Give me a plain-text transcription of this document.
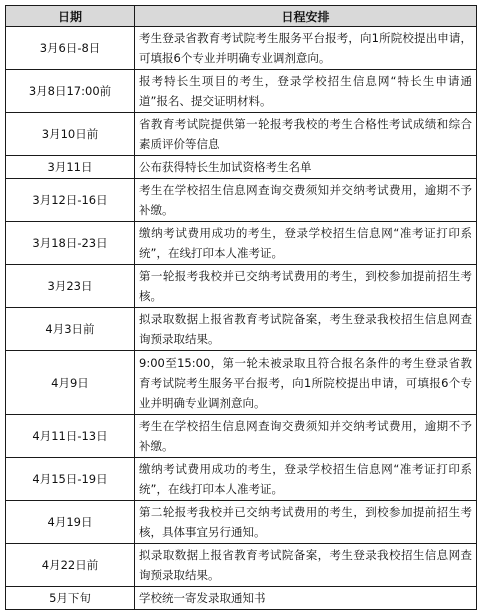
日期	日程安排
3月6日-8日	考生登录省教育考试院考生服务平台报考，向1所院校提出申请，可填报6个专业并明确专业调剂意向。
3月8日17:00前	报考特长生项目的考生，登录学校招生信息网“特长生申请通道”报名、提交证明材料。
3月10日前	省教育考试院提供第一轮报考我校的考生合格性考试成绩和综合素质评价等信息
3月11日	公布获得特长生加试资格考生名单
3月12日-16日	考生在学校招生信息网查询交费须知并交纳考试费用，逾期不予补缴。
3月18日-23日	缴纳考试费用成功的考生，登录学校招生信息网“准考证打印系统”，在线打印本人准考证。
3月23日	第一轮报考我校并已交纳考试费用的考生，到校参加提前招生考核。
4月3日前	拟录取数据上报省教育考试院备案，考生登录我校招生信息网查询预录取结果。
4月9日	9:00至15:00，第一轮未被录取且符合报名条件的考生登录省教育考试院考生服务平台报考，向1所院校提出申请，可填报6个专业并明确专业调剂意向。
4月11日-13日	考生在学校招生信息网查询交费须知并交纳考试费用，逾期不予补缴。
4月15日-19日	缴纳考试费用成功的考生，登录学校招生信息网“准考证打印系统”，在线打印本人准考证。
4月19日	第二轮报考我校并已交纳考试费用的考生，到校参加提前招生考核，具体事宜另行通知。
4月22日前	拟录取数据上报省教育考试院备案，考生登录我校招生信息网查询预录取结果。
5月下旬	学校统一寄发录取通知书
